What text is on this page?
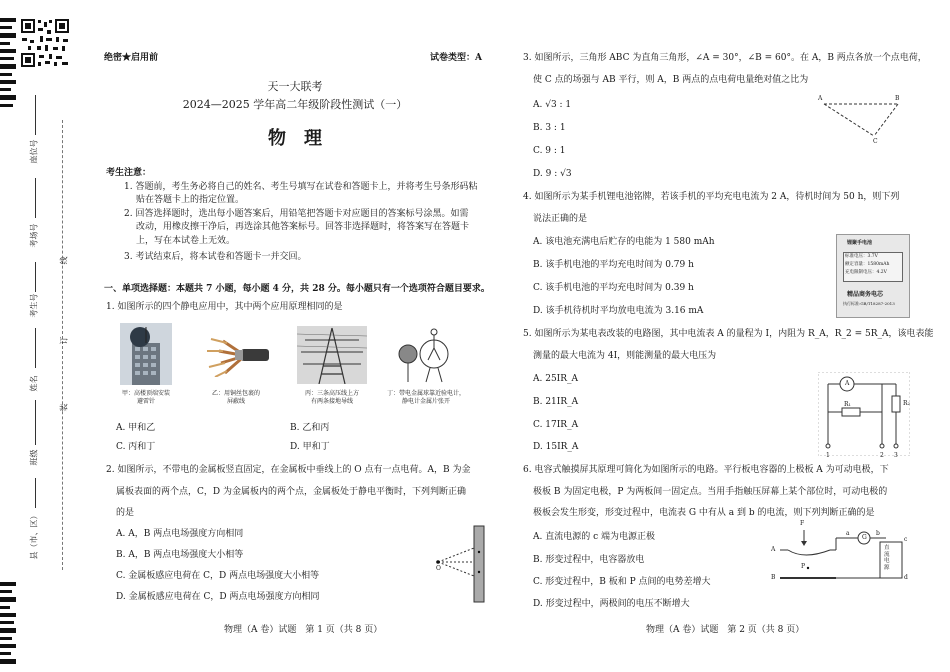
座位号
考场号
考生号
姓名
班级
县（市、区）
线
订
装
绝密★启用前	试卷类型：A
天一大联考
2024—2025 学年高二年级阶段性测试（一）
物　理
考生注意：
1. 答题前，考生务必将自己的姓名、考生号填写在试卷和答题卡上，并将考生号条形码粘
贴在答题卡上的指定位置。
2. 回答选择题时，选出每小题答案后，用铅笔把答题卡对应题目的答案标号涂黑。如需
改动，用橡皮擦干净后，再选涂其他答案标号。回答非选择题时，将答案写在答题卡
上，写在本试卷上无效。
3. 考试结束后，将本试卷和答题卡一并交回。
一、单项选择题：本题共 7 小题，每小题 4 分，共 28 分。每小题只有一个选项符合题目要求。
1. 如图所示的四个静电应用中，其中两个应用原理相同的是
甲：高楼顶端安装
避雷针
乙：用铜丝包裹的
屏蔽线
丙：三条高压线上方
有两条接地导线
丁：带电金属球靠近验电计，
静电计金属片张开
A. 甲和乙	B. 乙和丙
C. 丙和丁	D. 甲和丁
2. 如图所示，不带电的金属板竖直固定，在金属板中垂线上的 O 点有一点电荷。A，B 为金
属板表面的两个点，C，D 为金属板内的两个点，金属板处于静电平衡时，下列判断正确
的是
A. A，B 两点电场强度方向相同
B. A，B 两点电场强度大小相等
C. 金属板感应电荷在 C，D 两点电场强度大小相等
D. 金属板感应电荷在 C，D 两点电场强度方向相同
O
物理（A 卷）试题　第 1 页（共 8 页）
3. 如图所示，三角形 ABC 为直角三角形，∠A = 30°，∠B = 60°。在 A，B 两点各放一个点电荷，
使 C 点的场强与 AB 平行，则 A，B 两点的点电荷电量绝对值之比为
A. √3 : 1
B. 3 : 1
C. 9 : 1
D. 9 : √3
A	B
C
4. 如图所示为某手机锂电池铭牌，若该手机的平均充电电流为 2 A，待机时间为 50 h，则下列
说法正确的是
A. 该电池充满电后贮存的电能为 1 580 mAh
B. 该手机电池的平均充电时间为 0.79 h
C. 该手机电池的平均充电时间为 0.39 h
D. 该手机待机时平均放电电流为 3.16 mA
锂聚手电池
标准电压：3.7V
额定容量：1580mAh
充电限制电压：4.2V
精品商务电芯
执行标准:GB/T18287-2013
5. 如图所示为某电表改装的电路图，其中电流表 A 的量程为 I，内阻为 R_A，R_2 = 5R_A，该电表能
测量的最大电流为 4I，则能测量的最大电压为
A. 25IR_A
B. 21IR_A
C. 17IR_A
D. 15IR_A
A
R₁	R₂
1	2 3
6. 电容式触摸屏其原理可简化为如图所示的电路。平行板电容器的上极板 A 为可动电极，下
极板 B 为固定电极，P 为两板间一固定点。当用手指触压屏幕上某个部位时，可动电极的
极板会发生形变，形变过程中，电流表 G 中有从 a 到 b 的电流，则下列判断正确的是
A. 直流电源的 c 端为电源正极
B. 形变过程中，电容器放电
C. 形变过程中，B 板和 P 点间的电势差增大
D. 形变过程中，两极间的电压不断增大
F
A
B
P
G
a	b
c
d
直流电源
物理（A 卷）试题　第 2 页（共 8 页）
